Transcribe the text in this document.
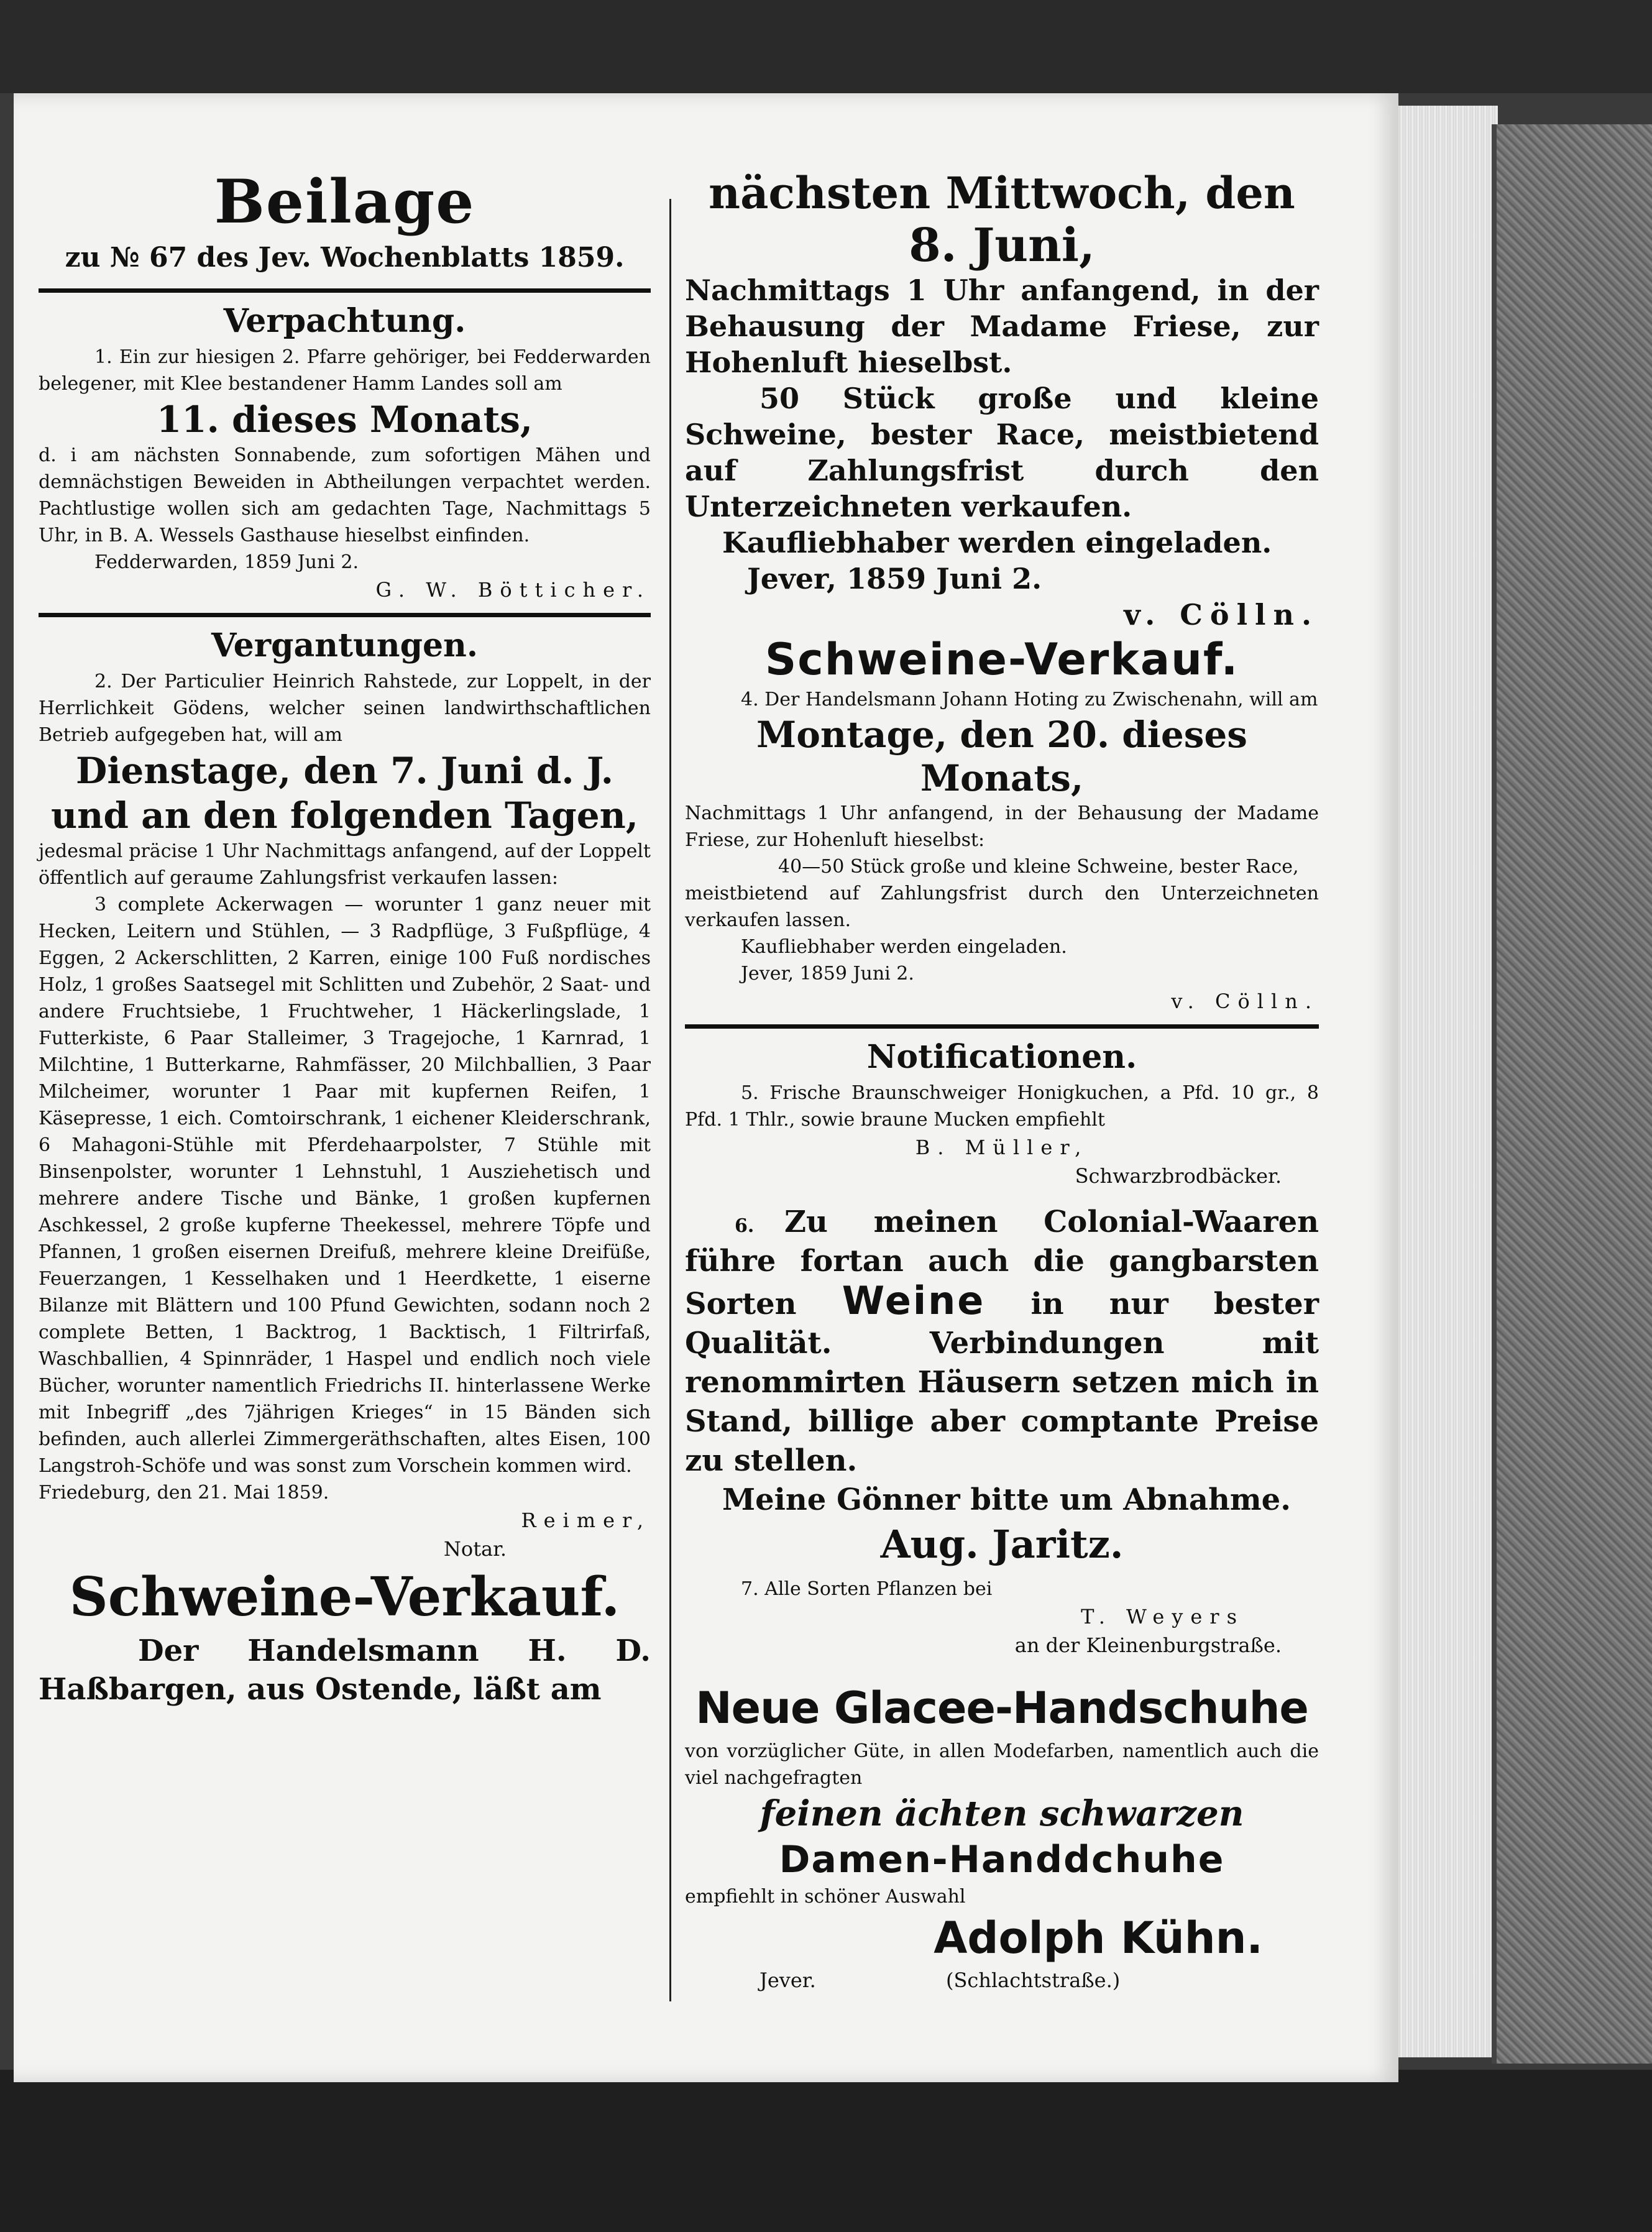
Beilage

zu № 67 des Jev. Wochenblatts 1859.

Verpachtung.

1. Ein zur hiesigen 2. Pfarre gehöriger, bei Fedderwarden belegener, mit Klee bestandener Hamm Landes soll am

11. dieses Monats,

d. i am nächsten Sonnabende, zum sofortigen Mähen und demnächstigen Beweiden in Abtheilungen verpachtet werden. Pachtlustige wollen sich am gedachten Tage, Nachmittags 5 Uhr, in B. A. Wessels Gasthause hieselbst einfinden.

Fedderwarden, 1859 Juni 2.

G. W. Bötticher.

Vergantungen.

2. Der Particulier Heinrich Rahstede, zur Loppelt, in der Herrlichkeit Gödens, welcher seinen landwirthschaftlichen Betrieb aufgegeben hat, will am

Dienstage, den 7. Juni d. J.

und an den folgenden Tagen,

jedesmal präcise 1 Uhr Nachmittags anfangend, auf der Loppelt öffentlich auf geraume Zahlungsfrist verkaufen lassen:

3 complete Ackerwagen — worunter 1 ganz neuer mit Hecken, Leitern und Stühlen, — 3 Radpflüge, 3 Fußpflüge, 4 Eggen, 2 Ackerschlitten, 2 Karren, einige 100 Fuß nordisches Holz, 1 großes Saatsegel mit Schlitten und Zubehör, 2 Saat- und andere Fruchtsiebe, 1 Fruchtweher, 1 Häckerlingslade, 1 Futterkiste, 6 Paar Stalleimer, 3 Tragejoche, 1 Karnrad, 1 Milchtine, 1 Butterkarne, Rahmfässer, 20 Milchballien, 3 Paar Milcheimer, worunter 1 Paar mit kupfernen Reifen, 1 Käsepresse, 1 eich. Comtoirschrank, 1 eichener Kleiderschrank, 6 Mahagoni-Stühle mit Pferdehaarpolster, 7 Stühle mit Binsenpolster, worunter 1 Lehnstuhl, 1 Ausziehetisch und mehrere andere Tische und Bänke, 1 großen kupfernen Aschkessel, 2 große kupferne Theekessel, mehrere Töpfe und Pfannen, 1 großen eisernen Dreifuß, mehrere kleine Dreifüße, Feuerzangen, 1 Kesselhaken und 1 Heerdkette, 1 eiserne Bilanze mit Blättern und 100 Pfund Gewichten, sodann noch 2 complete Betten, 1 Backtrog, 1 Backtisch, 1 Filtrirfaß, Waschballien, 4 Spinnräder, 1 Haspel und endlich noch viele Bücher, worunter namentlich Friedrichs II. hinterlassene Werke mit Inbegriff „des 7jährigen Krieges“ in 15 Bänden sich befinden, auch allerlei Zimmergeräthschaften, altes Eisen, 100 Langstroh-Schöfe und was sonst zum Vorschein kommen wird.

Friedeburg, den 21. Mai 1859.

Reimer,

Notar.

Schweine-Verkauf.

Der Handelsmann H. D. Haßbargen, aus Ostende, läßt am

nächsten Mittwoch, den

8. Juni,

Nachmittags 1 Uhr anfangend, in der Behausung der Madame Friese, zur Hohenluft hieselbst.

50 Stück große und kleine Schweine, bester Race, meistbietend auf Zahlungsfrist durch den Unterzeichneten verkaufen.

Kaufliebhaber werden eingeladen.

Jever, 1859 Juni 2.

v. Cölln.

Schweine-Verkauf.

4. Der Handelsmann Johann Hoting zu Zwischenahn, will am

Montage, den 20. dieses Monats,

Nachmittags 1 Uhr anfangend, in der Behausung der Madame Friese, zur Hohenluft hieselbst:

40—50 Stück große und kleine Schweine, bester Race,

meistbietend auf Zahlungsfrist durch den Unterzeichneten verkaufen lassen.

Kaufliebhaber werden eingeladen.

Jever, 1859 Juni 2.

v. Cölln.

Notificationen.

5. Frische Braunschweiger Honigkuchen, a Pfd. 10 gr., 8 Pfd. 1 Thlr., sowie braune Mucken empfiehlt

B. Müller,

Schwarzbrodbäcker.

6. Zu meinen Colonial-Waaren führe fortan auch die gangbarsten Sorten Weine in nur bester Qualität. Verbindungen mit renommirten Häusern setzen mich in Stand, billige aber comptante Preise zu stellen.

Meine Gönner bitte um Abnahme.

Aug. Jaritz.

7. Alle Sorten Pflanzen bei

T. Weyers

an der Kleinenburgstraße.

Neue Glacee-Handschuhe

von vorzüglicher Güte, in allen Modefarben, namentlich auch die viel nachgefragten

feinen ächten schwarzen

Damen-Handdchuhe

empfiehlt in schöner Auswahl

Adolph Kühn.

Jever.	(Schlachtstraße.)
